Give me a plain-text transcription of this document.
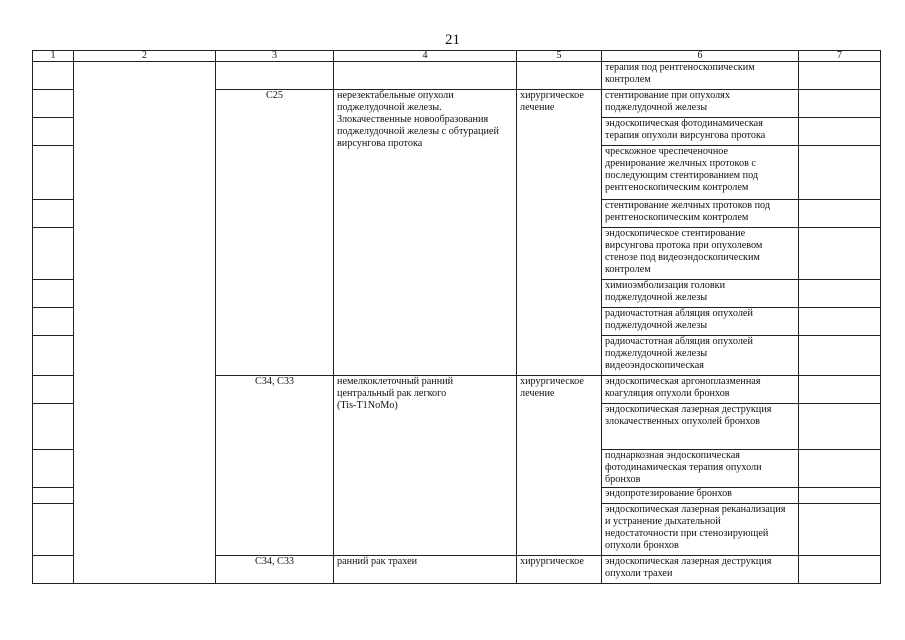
21
1	2	3	4	5	6	7
					терапия под рентгеноскопическим
контролем	
		C25	нерезектабельные опухоли
поджелудочной железы.
Злокачественные новообразования
поджелудочной железы с обтурацией
вирсунгова протока	хирургическое
лечение	стентирование при опухолях
поджелудочной железы	
					эндоскопическая фотодинамическая
терапия опухоли вирсунгова протока	
					чрескожное чреспеченочное
дренирование желчных протоков с
последующим стентированием под
рентгеноскопическим контролем	
					стентирование желчных протоков под
рентгеноскопическим контролем	
					эндоскопическое стентирование
вирсунгова протока при опухолевом
стенозе под видеоэндоскопическим
контролем	
					химиоэмболизация головки
поджелудочной железы	
					радиочастотная абляция опухолей
поджелудочной железы	
					радиочастотная абляция опухолей
поджелудочной железы
видеоэндоскопическая	
		C34, C33	немелкоклеточный ранний
центральный рак легкого
(Tis-T1NoMo)	хирургическое
лечение	эндоскопическая аргоноплазменная
коагуляция опухоли бронхов	
					эндоскопическая лазерная деструкция
злокачественных опухолей бронхов	
					поднаркозная эндоскопическая
фотодинамическая терапия опухоли
бронхов	
					эндопротезирование бронхов	
					эндоскопическая лазерная реканализация
и устранение дыхательной
недостаточности при стенозирующей
опухоли бронхов	
		C34, C33	ранний рак трахеи	хирургическое	эндоскопическая лазерная деструкция
опухоли трахеи	
